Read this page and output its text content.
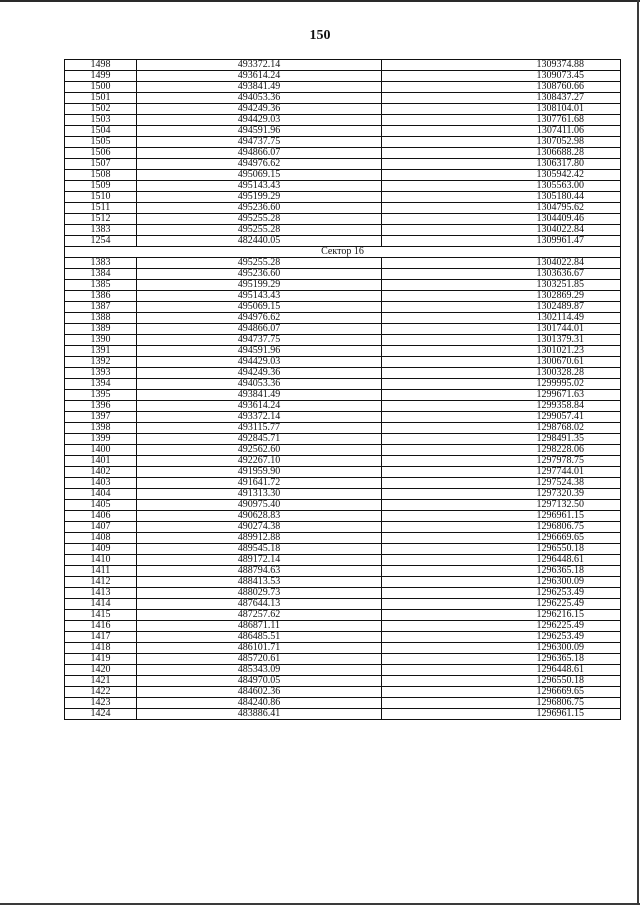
150
1498	493372.14	1309374.88
1499	493614.24	1309073.45
1500	493841.49	1308760.66
1501	494053.36	1308437.27
1502	494249.36	1308104.01
1503	494429.03	1307761.68
1504	494591.96	1307411.06
1505	494737.75	1307052.98
1506	494866.07	1306688.28
1507	494976.62	1306317.80
1508	495069.15	1305942.42
1509	495143.43	1305563.00
1510	495199.29	1305180.44
1511	495236.60	1304795.62
1512	495255.28	1304409.46
1383	495255.28	1304022.84
1254	482440.05	1309961.47
Сектор 16		
1383	495255.28	1304022.84
1384	495236.60	1303636.67
1385	495199.29	1303251.85
1386	495143.43	1302869.29
1387	495069.15	1302489.87
1388	494976.62	1302114.49
1389	494866.07	1301744.01
1390	494737.75	1301379.31
1391	494591.96	1301021.23
1392	494429.03	1300670.61
1393	494249.36	1300328.28
1394	494053.36	1299995.02
1395	493841.49	1299671.63
1396	493614.24	1299358.84
1397	493372.14	1299057.41
1398	493115.77	1298768.02
1399	492845.71	1298491.35
1400	492562.60	1298228.06
1401	492267.10	1297978.75
1402	491959.90	1297744.01
1403	491641.72	1297524.38
1404	491313.30	1297320.39
1405	490975.40	1297132.50
1406	490628.83	1296961.15
1407	490274.38	1296806.75
1408	489912.88	1296669.65
1409	489545.18	1296550.18
1410	489172.14	1296448.61
1411	488794.63	1296365.18
1412	488413.53	1296300.09
1413	488029.73	1296253.49
1414	487644.13	1296225.49
1415	487257.62	1296216.15
1416	486871.11	1296225.49
1417	486485.51	1296253.49
1418	486101.71	1296300.09
1419	485720.61	1296365.18
1420	485343.09	1296448.61
1421	484970.05	1296550.18
1422	484602.36	1296669.65
1423	484240.86	1296806.75
1424	483886.41	1296961.15
